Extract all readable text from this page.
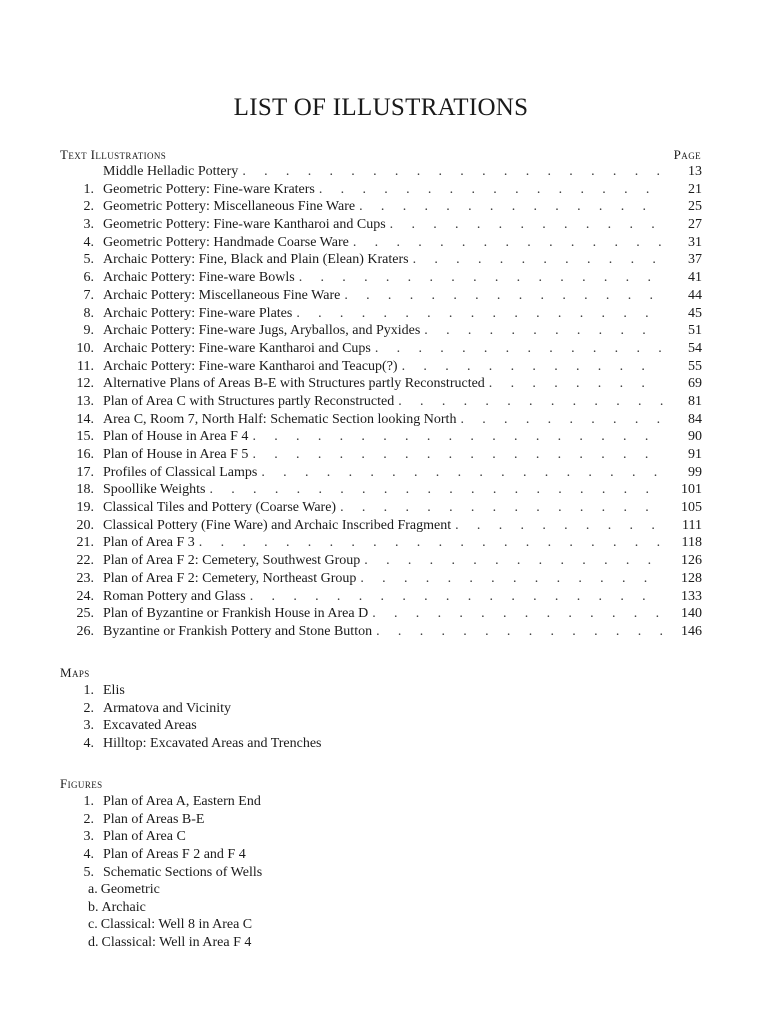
LIST OF ILLUSTRATIONS
Text Illustrations	Page
Middle Helladic Pottery . . .	13
1. Geometric Pottery: Fine-ware Kraters . . .	21
2. Geometric Pottery: Miscellaneous Fine Ware . . .	25
3. Geometric Pottery: Fine-ware Kantharoi and Cups . . .	27
4. Geometric Pottery: Handmade Coarse Ware . . .	31
5. Archaic Pottery: Fine, Black and Plain (Elean) Kraters . . .	37
6. Archaic Pottery: Fine-ware Bowls . . .	41
7. Archaic Pottery: Miscellaneous Fine Ware . . .	44
8. Archaic Pottery: Fine-ware Plates . . .	45
9. Archaic Pottery: Fine-ware Jugs, Aryballos, and Pyxides . . .	51
10. Archaic Pottery: Fine-ware Kantharoi and Cups . . .	54
11. Archaic Pottery: Fine-ware Kantharoi and Teacup(?) . . .	55
12. Alternative Plans of Areas B-E with Structures partly Reconstructed . . .	69
13. Plan of Area C with Structures partly Reconstructed . . .	81
14. Area C, Room 7, North Half: Schematic Section looking North . . .	84
15. Plan of House in Area F 4 . . .	90
16. Plan of House in Area F 5 . . .	91
17. Profiles of Classical Lamps . . .	99
18. Spoollike Weights . . .	101
19. Classical Tiles and Pottery (Coarse Ware) . . .	105
20. Classical Pottery (Fine Ware) and Archaic Inscribed Fragment . . .	111
21. Plan of Area F 3 . . .	118
22. Plan of Area F 2: Cemetery, Southwest Group . . .	126
23. Plan of Area F 2: Cemetery, Northeast Group . . .	128
24. Roman Pottery and Glass . . .	133
25. Plan of Byzantine or Frankish House in Area D . . .	140
26. Byzantine or Frankish Pottery and Stone Button . . .	146
Maps
1. Elis
2. Armatova and Vicinity
3. Excavated Areas
4. Hilltop: Excavated Areas and Trenches
Figures
1. Plan of Area A, Eastern End
2. Plan of Areas B-E
3. Plan of Area C
4. Plan of Areas F 2 and F 4
5. Schematic Sections of Wells
a. Geometric
b. Archaic
c. Classical: Well 8 in Area C
d. Classical: Well in Area F 4
